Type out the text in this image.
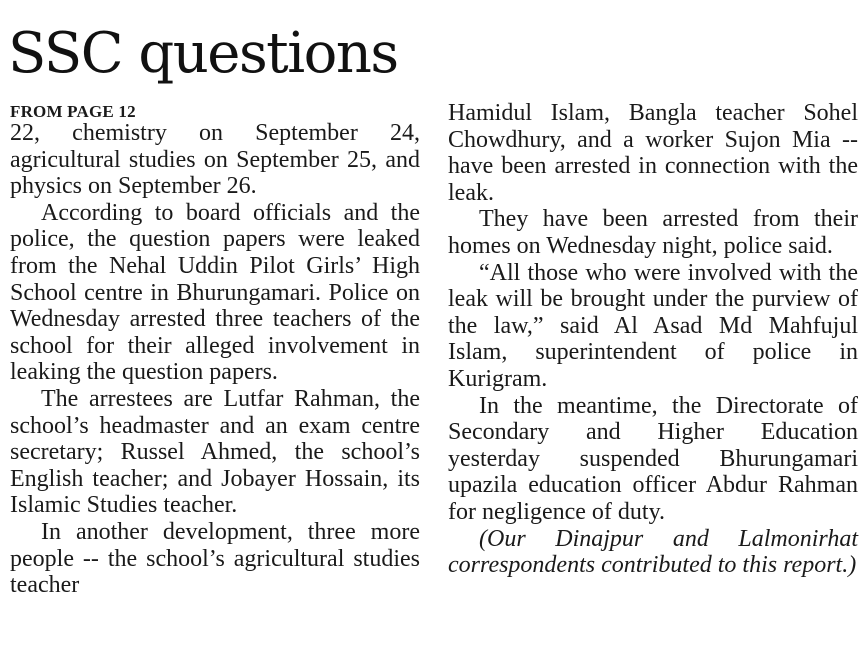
SSC questions
FROM PAGE 12

22, chemistry on September 24, agricultural studies on September 25, and physics on September 26.

According to board officials and the police, the question papers were leaked from the Nehal Uddin Pilot Girls’ High School centre in Bhurungamari. Police on Wednesday arrested three teachers of the school for their alleged involvement in leaking the question papers.

The arrestees are Lutfar Rahman, the school’s headmaster and an exam centre secretary; Russel Ahmed, the school’s English teacher; and Jobayer Hossain, its Islamic Studies teacher.

In another development, three more people -- the school’s agricultural studies teacher

Hamidul Islam, Bangla teacher Sohel Chowdhury, and a worker Sujon Mia -- have been arrested in connection with the leak.

They have been arrested from their homes on Wednesday night, police said.

“All those who were involved with the leak will be brought under the purview of the law,” said Al Asad Md Mahfujul Islam, superintendent of police in Kurigram.

In the meantime, the Directorate of Secondary and Higher Education yesterday suspended Bhurungamari upazila education officer Abdur Rahman for negligence of duty.

(Our Dinajpur and Lalmonirhat correspondents contributed to this report.)
